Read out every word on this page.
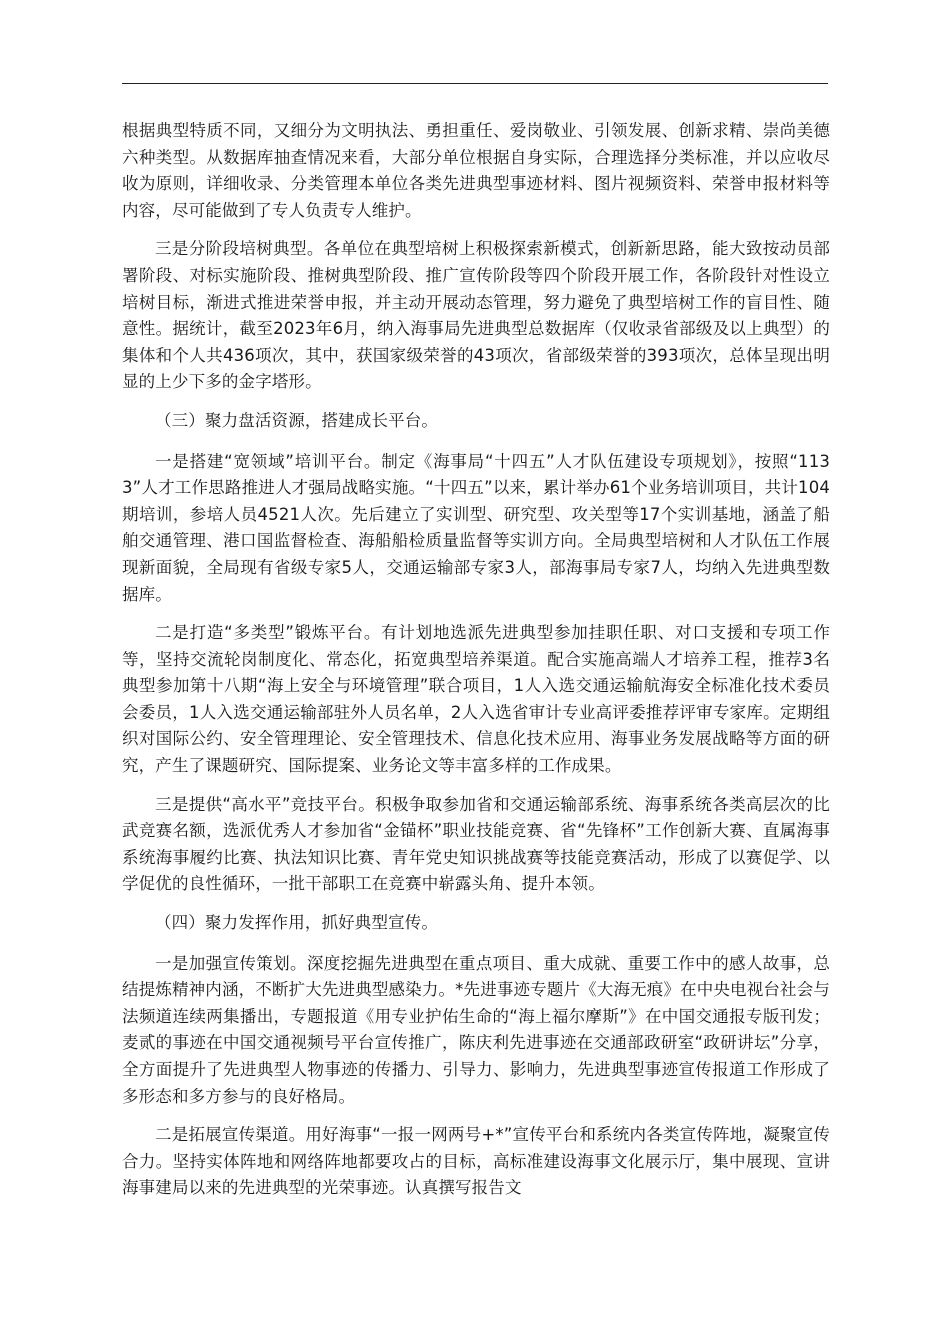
根据典型特质不同，又细分为文明执法、勇担重任、爱岗敬业、引领发展、创新求精、崇尚美德六种类型。从数据库抽查情况来看，大部分单位根据自身实际，合理选择分类标准，并以应收尽收为原则，详细收录、分类管理本单位各类先进典型事迹材料、图片视频资料、荣誉申报材料等内容，尽可能做到了专人负责专人维护。

三是分阶段培树典型。各单位在典型培树上积极探索新模式，创新新思路，能大致按动员部署阶段、对标实施阶段、推树典型阶段、推广宣传阶段等四个阶段开展工作，各阶段针对性设立培树目标，渐进式推进荣誉申报，并主动开展动态管理，努力避免了典型培树工作的盲目性、随意性。据统计，截至2023年6月，纳入海事局先进典型总数据库（仅收录省部级及以上典型）的集体和个人共436项次，其中，获国家级荣誉的43项次，省部级荣誉的393项次，总体呈现出明显的上少下多的金字塔形。

（三）聚力盘活资源，搭建成长平台。

一是搭建“宽领域”培训平台。制定《海事局“十四五”人才队伍建设专项规划》，按照“1133”人才工作思路推进人才强局战略实施。“十四五”以来，累计举办61个业务培训项目，共计104期培训，参培人员4521人次。先后建立了实训型、研究型、攻关型等17个实训基地，涵盖了船舶交通管理、港口国监督检查、海船船检质量监督等实训方向。全局典型培树和人才队伍工作展现新面貌，全局现有省级专家5人，交通运输部专家3人，部海事局专家7人，均纳入先进典型数据库。

二是打造“多类型”锻炼平台。有计划地选派先进典型参加挂职任职、对口支援和专项工作等，坚持交流轮岗制度化、常态化，拓宽典型培养渠道。配合实施高端人才培养工程，推荐3名典型参加第十八期“海上安全与环境管理”联合项目，1人入选交通运输航海安全标准化技术委员会委员，1人入选交通运输部驻外人员名单，2人入选省审计专业高评委推荐评审专家库。定期组织对国际公约、安全管理理论、安全管理技术、信息化技术应用、海事业务发展战略等方面的研究，产生了课题研究、国际提案、业务论文等丰富多样的工作成果。

三是提供“高水平”竞技平台。积极争取参加省和交通运输部系统、海事系统各类高层次的比武竞赛名额，选派优秀人才参加省“金锚杯”职业技能竞赛、省“先锋杯”工作创新大赛、直属海事系统海事履约比赛、执法知识比赛、青年党史知识挑战赛等技能竞赛活动，形成了以赛促学、以学促优的良性循环，一批干部职工在竞赛中崭露头角、提升本领。

（四）聚力发挥作用，抓好典型宣传。

一是加强宣传策划。深度挖掘先进典型在重点项目、重大成就、重要工作中的感人故事，总结提炼精神内涵，不断扩大先进典型感染力。*先进事迹专题片《大海无痕》在中央电视台社会与法频道连续两集播出，专题报道《用专业护佑生命的“海上福尔摩斯”》在中国交通报专版刊发；麦贰的事迹在中国交通视频号平台宣传推广，陈庆利先进事迹在交通部政研室“政研讲坛”分享，全方面提升了先进典型人物事迹的传播力、引导力、影响力，先进典型事迹宣传报道工作形成了多形态和多方参与的良好格局。

二是拓展宣传渠道。用好海事“一报一网两号+*”宣传平台和系统内各类宣传阵地，凝聚宣传合力。坚持实体阵地和网络阵地都要攻占的目标，高标准建设海事文化展示厅，集中展现、宣讲海事建局以来的先进典型的光荣事迹。认真撰写报告文
